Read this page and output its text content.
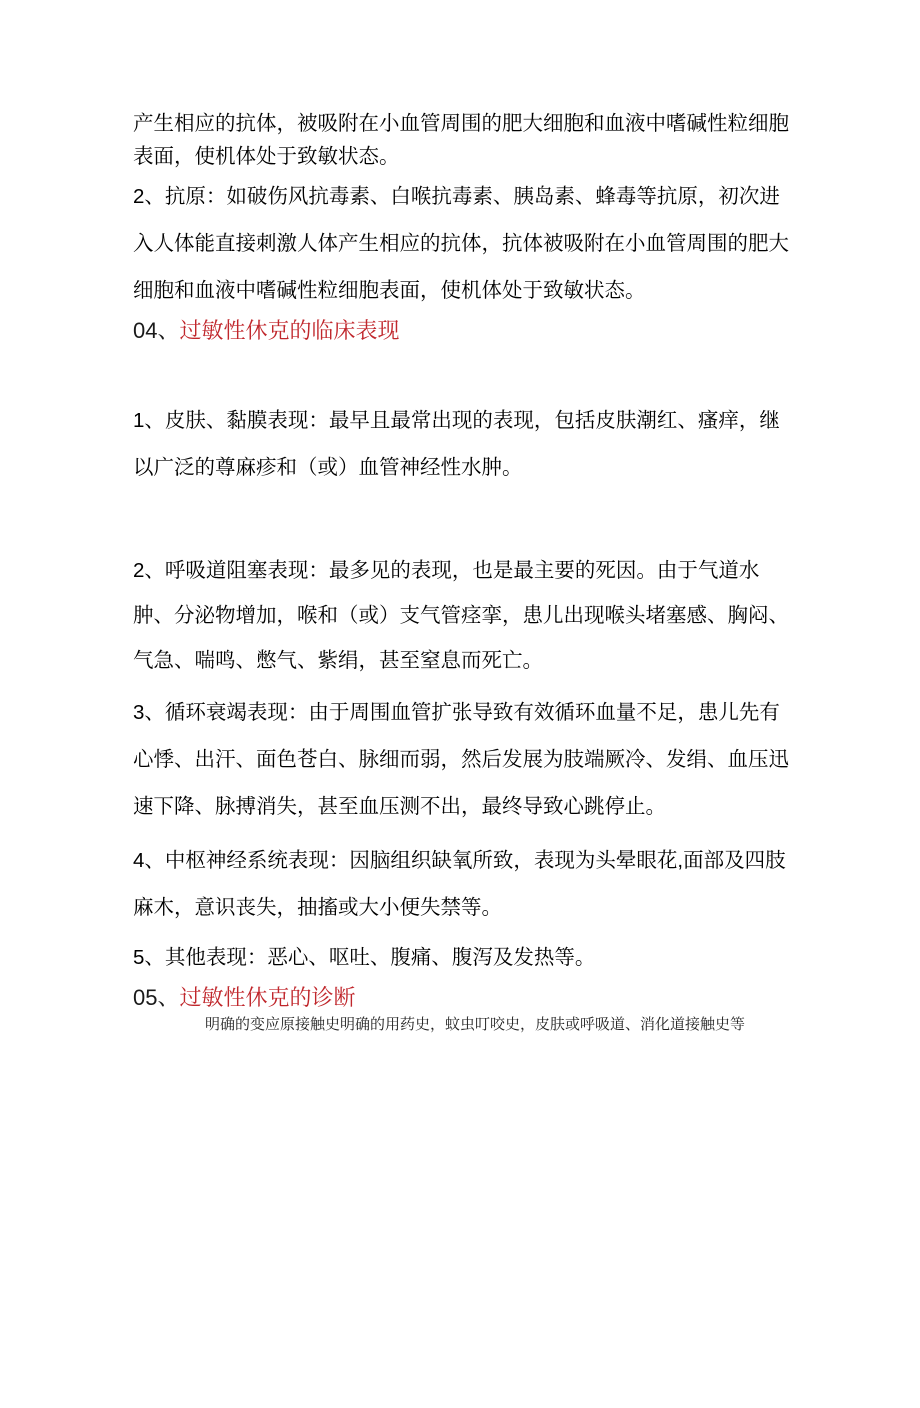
产生相应的抗体，被吸附在小血管周围的肥大细胞和血液中嗜碱性粒细胞
表面，使机体处于致敏状态。

2、抗原：如破伤风抗毒素、白喉抗毒素、胰岛素、蜂毒等抗原，初次进
入人体能直接刺激人体产生相应的抗体，抗体被吸附在小血管周围的肥大
细胞和血液中嗜碱性粒细胞表面，使机体处于致敏状态。

04、过敏性休克的临床表现

1、皮肤、黏膜表现：最早且最常出现的表现，包括皮肤潮红、瘙痒，继
以广泛的尊麻疹和（或）血管神经性水肿。

2、呼吸道阻塞表现：最多见的表现，也是最主要的死因。由于气道水
肿、分泌物增加，喉和（或）支气管痉挛，患儿出现喉头堵塞感、胸闷、
气急、喘鸣、憋气、紫绢，甚至窒息而死亡。

3、循环衰竭表现：由于周围血管扩张导致有效循环血量不足，患儿先有
心悸、出汗、面色苍白、脉细而弱，然后发展为肢端厥冷、发绢、血压迅
速下降、脉搏消失，甚至血压测不出，最终导致心跳停止。

4、中枢神经系统表现：因脑组织缺氧所致，表现为头晕眼花,面部及四肢
麻木，意识丧失，抽搐或大小便失禁等。

5、其他表现：恶心、呕吐、腹痛、腹泻及发热等。

05、过敏性休克的诊断

明确的变应原接触史明确的用药史，蚊虫叮咬史，皮肤或呼吸道、消化道接触史等
